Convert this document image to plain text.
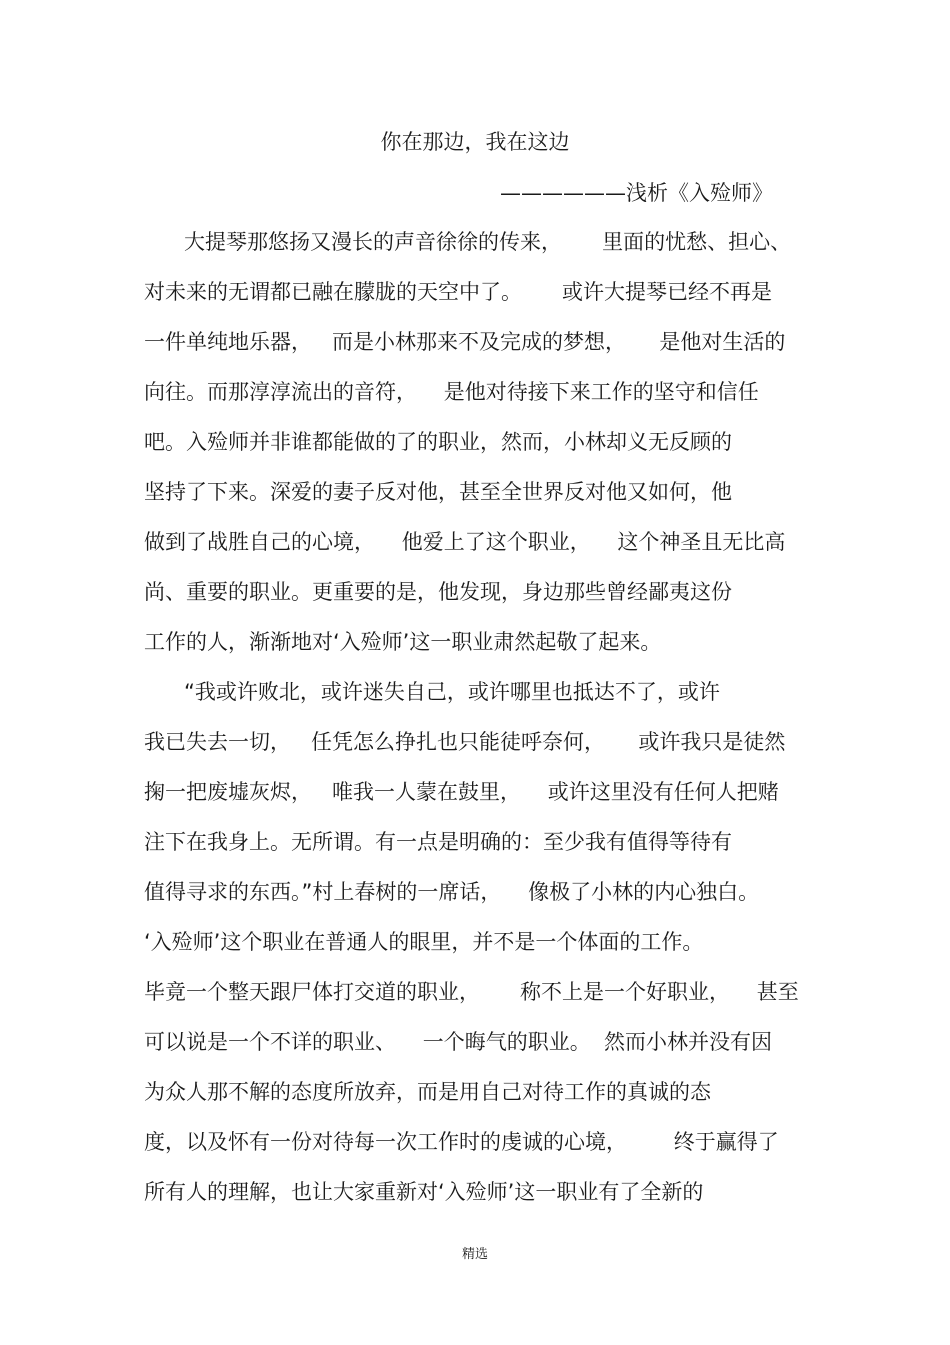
你在那边，我在这边
——————浅析《入殓师》
大提琴那悠扬又漫长的声音徐徐的传来，      里面的忧愁、担心、
对未来的无谓都已融在朦胧的天空中了。      或许大提琴已经不再是
一件单纯地乐器，   而是小林那来不及完成的梦想，     是他对生活的
向往。而那淳淳流出的音符，    是他对待接下来工作的坚守和信任
吧。入殓师并非谁都能做的了的职业，然而，小林却义无反顾的
坚持了下来。深爱的妻子反对他，甚至全世界反对他又如何，他
做到了战胜自己的心境，    他爱上了这个职业，    这个神圣且无比高
尚、重要的职业。更重要的是，他发现，身边那些曾经鄙夷这份
工作的人，渐渐地对‘入殓师’这一职业肃然起敬了起来。
“我或许败北，或许迷失自己，或许哪里也抵达不了，或许
我已失去一切，   任凭怎么挣扎也只能徒呼奈何，     或许我只是徒然
掬一把废墟灰烬，   唯我一人蒙在鼓里，    或许这里没有任何人把赌
注下在我身上。无所谓。有一点是明确的：至少我有值得等待有
值得寻求的东西。”村上春树的一席话，    像极了小林的内心独白。
‘入殓师’这个职业在普通人的眼里，并不是一个体面的工作。
毕竟一个整天跟尸体打交道的职业，      称不上是一个好职业，    甚至
可以说是一个不详的职业、    一个晦气的职业。  然而小林并没有因
为众人那不解的态度所放弃，而是用自己对待工作的真诚的态
度，以及怀有一份对待每一次工作时的虔诚的心境，       终于赢得了
所有人的理解，也让大家重新对‘入殓师’这一职业有了全新的
精选
